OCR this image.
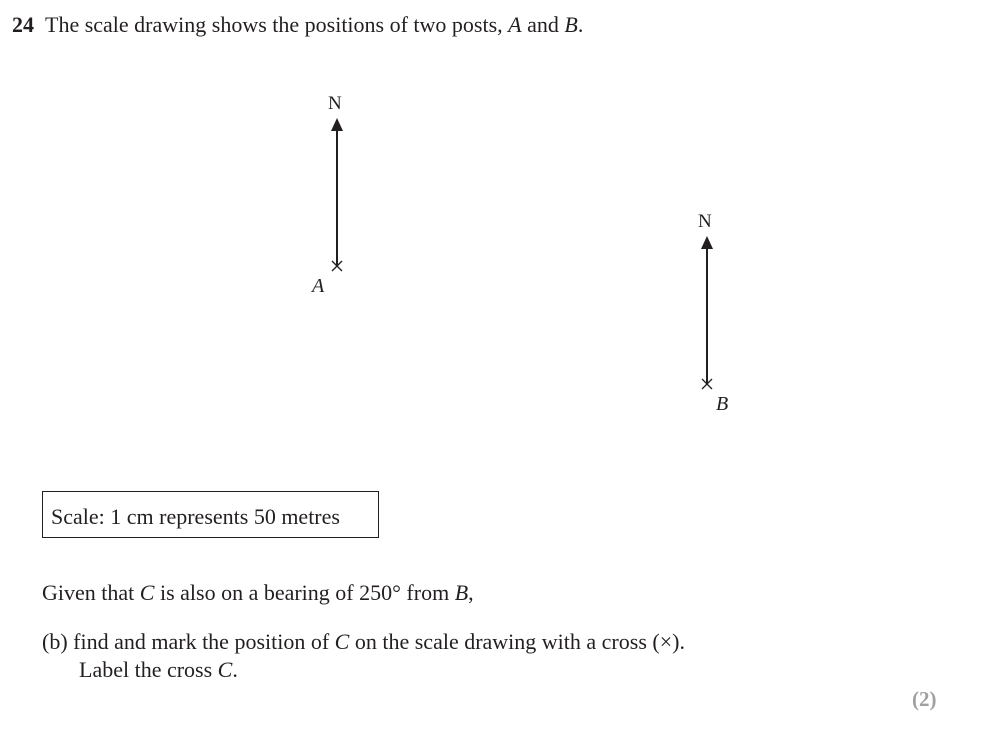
24 The scale drawing shows the positions of two posts, A and B.
N
A
N
B
Scale: 1 cm represents 50 metres
Given that C is also on a bearing of 250° from B,
(b) find and mark the position of C on the scale drawing with a cross (×).
Label the cross C.
(2)
